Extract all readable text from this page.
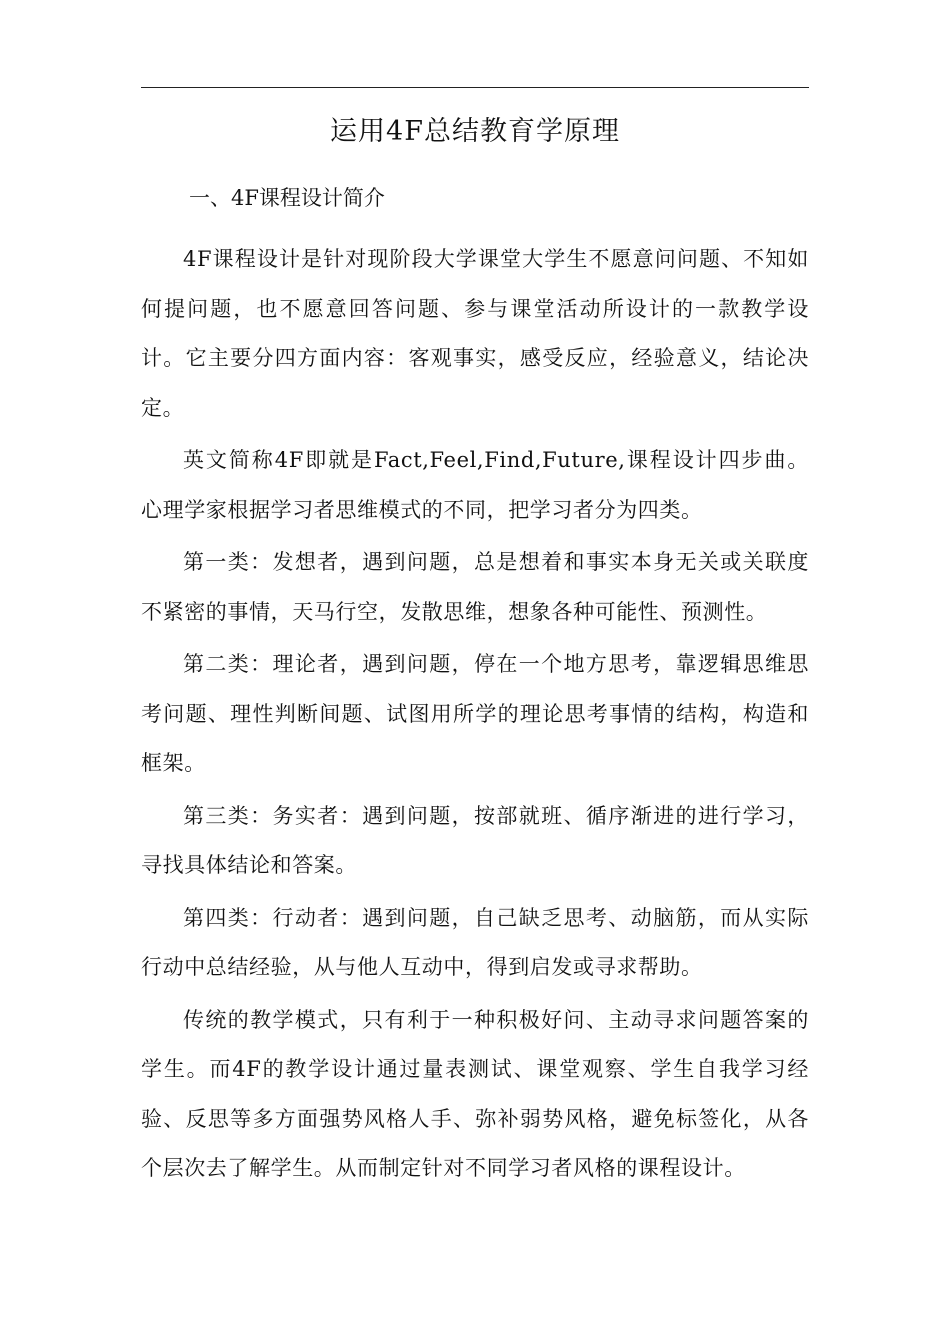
运用4F总结教育学原理
一、4F课程设计简介

4F课程设计是针对现阶段大学课堂大学生不愿意问问题、不知如何提问题，也不愿意回答问题、参与课堂活动所设计的一款教学设计。它主要分四方面内容：客观事实，感受反应，经验意义，结论决定。

英文简称4F即就是Fact,Feel,Find,Future,课程设计四步曲。心理学家根据学习者思维模式的不同，把学习者分为四类。

第一类：发想者，遇到问题，总是想着和事实本身无关或关联度不紧密的事情，天马行空，发散思维，想象各种可能性、预测性。

第二类：理论者，遇到问题，停在一个地方思考，靠逻辑思维思考问题、理性判断间题、试图用所学的理论思考事情的结构，构造和框架。

第三类：务实者：遇到问题，按部就班、循序渐进的进行学习，寻找具体结论和答案。

第四类：行动者：遇到问题，自己缺乏思考、动脑筋，而从实际行动中总结经验，从与他人互动中，得到启发或寻求帮助。

传统的教学模式，只有利于一种积极好问、主动寻求问题答案的学生。而4F的教学设计通过量表测试、课堂观察、学生自我学习经验、反思等多方面强势风格人手、弥补弱势风格，避免标签化，从各个层次去了解学生。从而制定针对不同学习者风格的课程设计。
